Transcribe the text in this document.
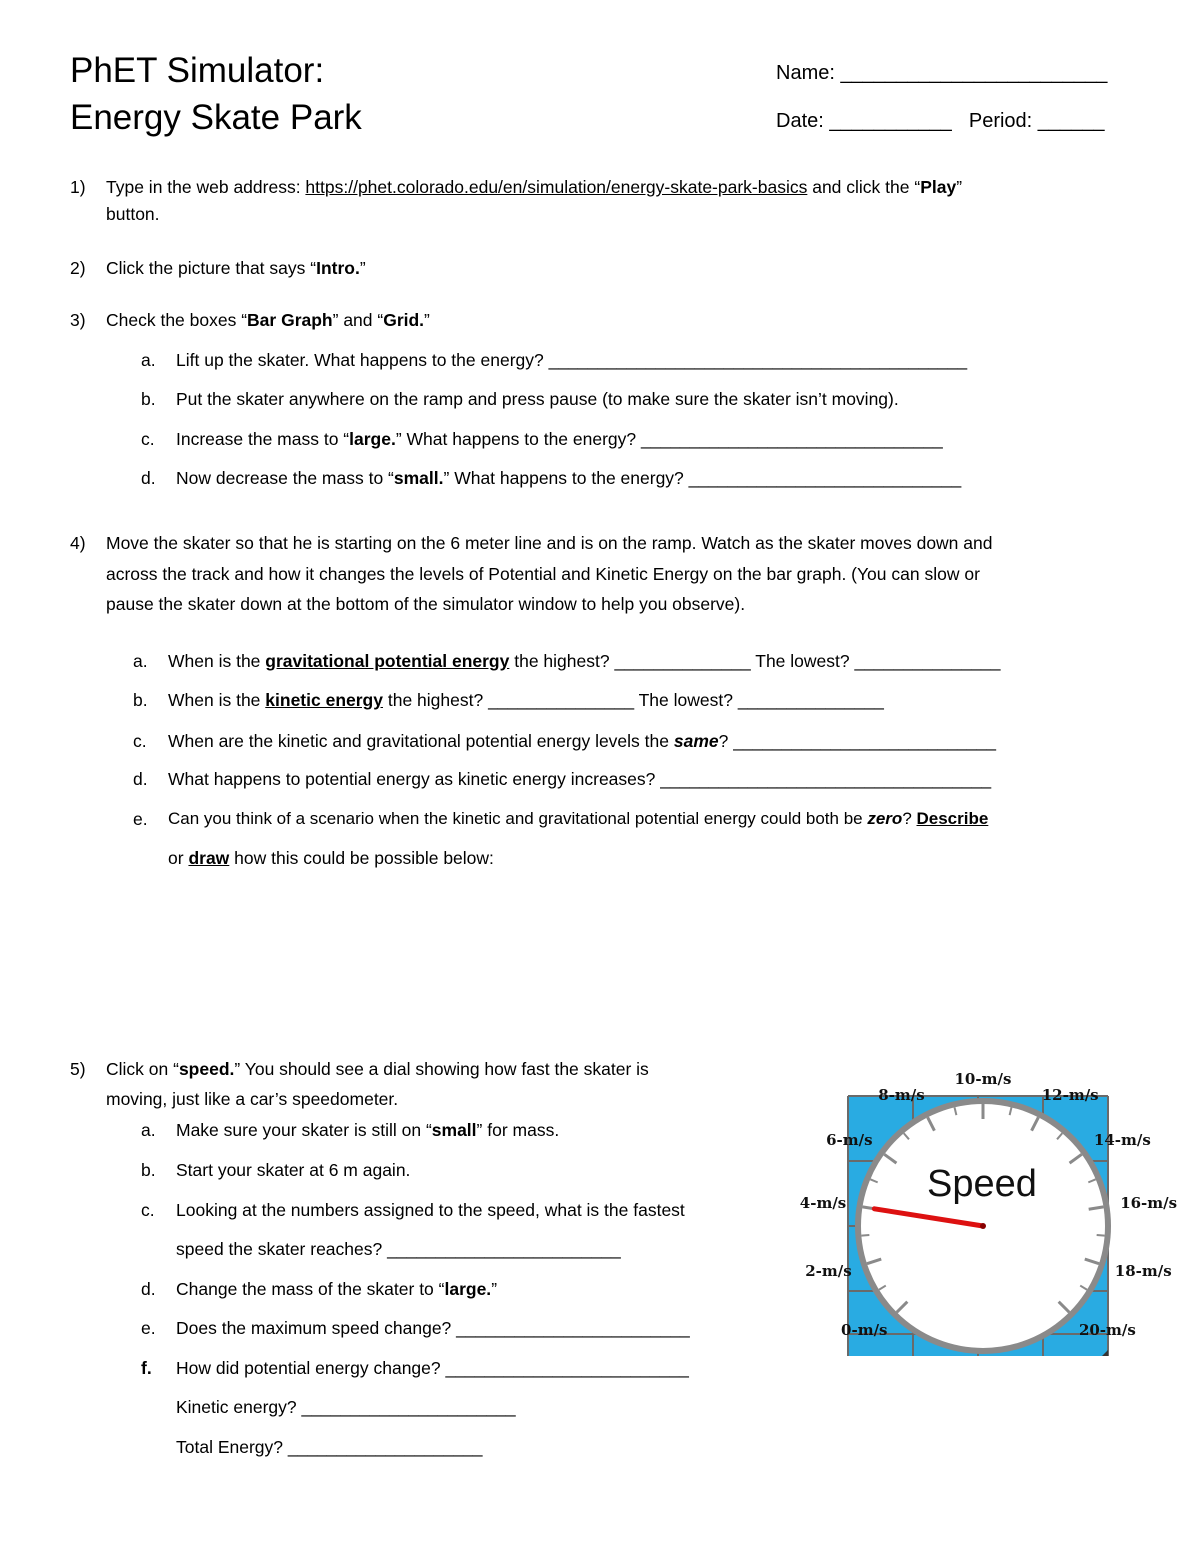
PhET Simulator:
Energy Skate Park
Name: ________________________
Date: ___________ Period: ______
1) Type in the web address: https://phet.colorado.edu/en/simulation/energy-skate-park-basics and click the “Play”
button.
2) Click the picture that says “Intro.”
3) Check the boxes “Bar Graph” and “Grid.”
a. Lift up the skater. What happens to the energy? ___________________________________________
b. Put the skater anywhere on the ramp and press pause (to make sure the skater isn’t moving).
c. Increase the mass to “large.” What happens to the energy? _______________________________
d. Now decrease the mass to “small.” What happens to the energy? ____________________________
4) Move the skater so that he is starting on the 6 meter line and is on the ramp. Watch as the skater moves down and
across the track and how it changes the levels of Potential and Kinetic Energy on the bar graph. (You can slow or
pause the skater down at the bottom of the simulator window to help you observe).
a. When is the gravitational potential energy the highest? ______________ The lowest? _______________
b. When is the kinetic energy the highest? _______________ The lowest? _______________
c. When are the kinetic and gravitational potential energy levels the same? ___________________________
d. What happens to potential energy as kinetic energy increases? __________________________________
e. Can you think of a scenario when the kinetic and gravitational potential energy could both be zero? Describe
or draw how this could be possible below:
5) Click on “speed.” You should see a dial showing how fast the skater is
moving, just like a car’s speedometer.
a. Make sure your skater is still on “small” for mass.
b. Start your skater at 6 m again.
c. Looking at the numbers assigned to the speed, what is the fastest
speed the skater reaches? ________________________
d. Change the mass of the skater to “large.”
e. Does the maximum speed change? ________________________
f. How did potential energy change? _________________________
Kinetic energy? ______________________
Total Energy? ____________________
Speed
0-m/s
2-m/s
4-m/s
6-m/s
8-m/s
10-m/s
12-m/s
14-m/s
16-m/s
18-m/s
20-m/s
